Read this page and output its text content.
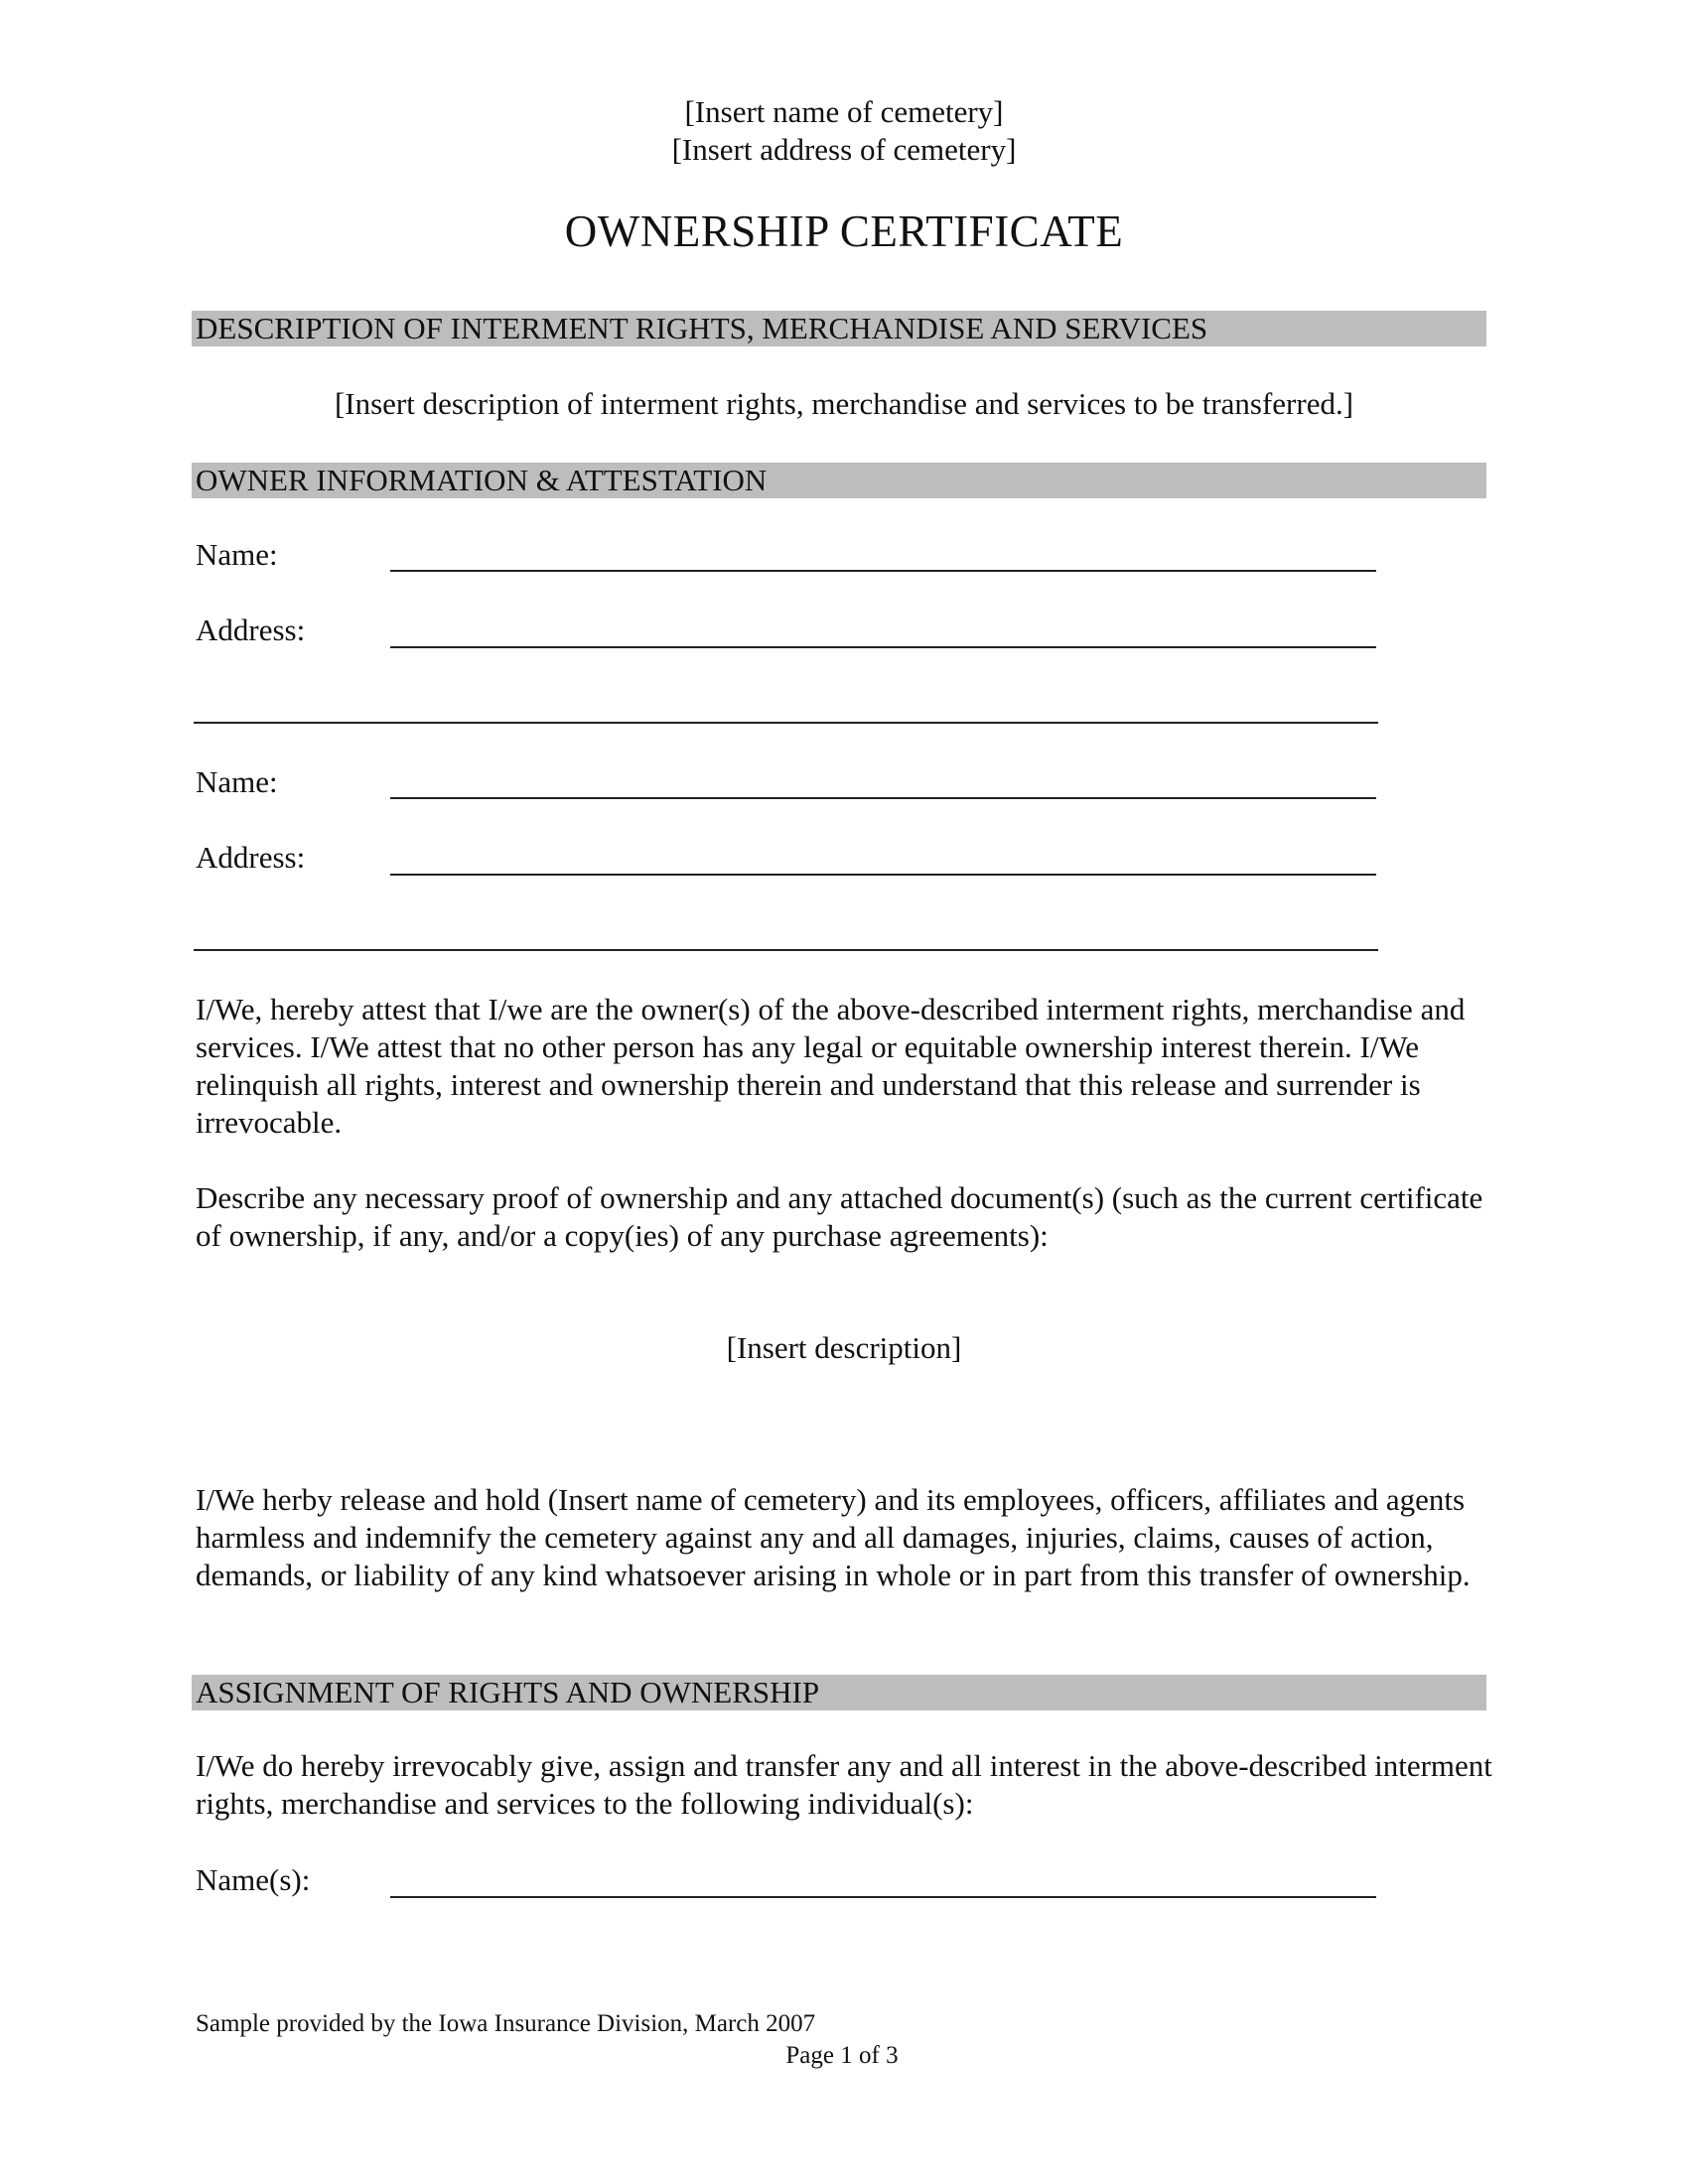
[Insert name of cemetery]
[Insert address of cemetery]
OWNERSHIP CERTIFICATE
DESCRIPTION OF INTERMENT RIGHTS, MERCHANDISE AND SERVICES
[Insert description of interment rights, merchandise and services to be transferred.]
OWNER INFORMATION & ATTESTATION
Name:
Address:
Name:
Address:

I/We, hereby attest that I/we are the owner(s) of the above-described interment rights, merchandise and services. I/We attest that no other person has any legal or equitable ownership interest therein. I/We relinquish all rights, interest and ownership therein and understand that this release and surrender is irrevocable.

Describe any necessary proof of ownership and any attached document(s) (such as the current certificate of ownership, if any, and/or a copy(ies) of any purchase agreements):

[Insert description]

I/We herby release and hold (Insert name of cemetery) and its employees, officers, affiliates and agents harmless and indemnify the cemetery against any and all damages, injuries, claims, causes of action, demands, or liability of any kind whatsoever arising in whole or in part from this transfer of ownership.

ASSIGNMENT OF RIGHTS AND OWNERSHIP

I/We do hereby irrevocably give, assign and transfer any and all interest in the above-described interment rights, merchandise and services to the following individual(s):

Name(s):
Sample provided by the Iowa Insurance Division, March 2007
Page 1 of 3
